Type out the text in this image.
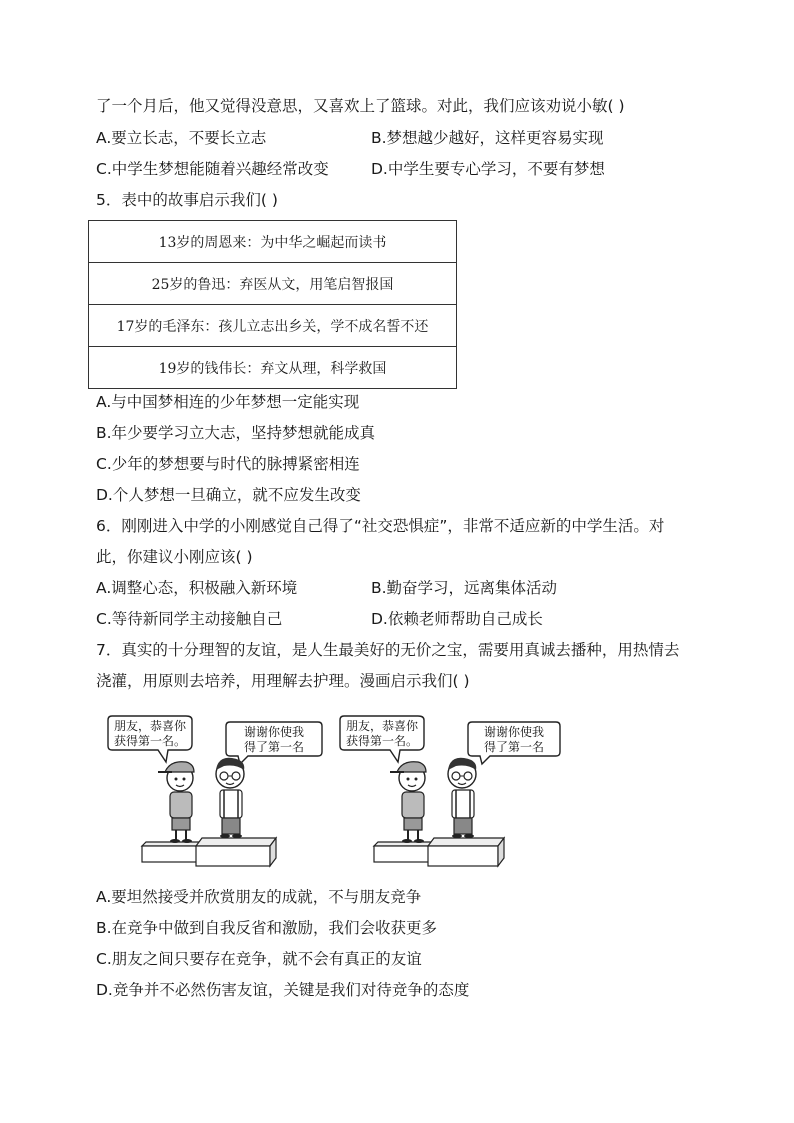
了一个月后，他又觉得没意思，又喜欢上了篮球。对此，我们应该劝说小敏( )
A.要立长志，不要长立志	B.梦想越少越好，这样更容易实现
C.中学生梦想能随着兴趣经常改变	D.中学生要专心学习，不要有梦想
5．表中的故事启示我们( )
13岁的周恩来：为中华之崛起而读书
25岁的鲁迅：弃医从文，用笔启智报国
17岁的毛泽东：孩儿立志出乡关，学不成名誓不还
19岁的钱伟长：弃文从理，科学救国
A.与中国梦相连的少年梦想一定能实现
B.年少要学习立大志，坚持梦想就能成真
C.少年的梦想要与时代的脉搏紧密相连
D.个人梦想一旦确立，就不应发生改变
6．刚刚进入中学的小刚感觉自己得了“社交恐惧症”，非常不适应新的中学生活。对
此，你建议小刚应该( )
A.调整心态，积极融入新环境	B.勤奋学习，远离集体活动
C.等待新同学主动接触自己	D.依赖老师帮助自己成长
7．真实的十分理智的友谊，是人生最美好的无价之宝，需要用真诚去播种，用热情去
浇灌，用原则去培养，用理解去护理。漫画启示我们( )
朋友，恭喜你
获得第一名。
谢谢你使我
得了第一名
朋友，恭喜你
获得第一名。
谢谢你使我
得了第一名
A.要坦然接受并欣赏朋友的成就，不与朋友竞争
B.在竞争中做到自我反省和激励，我们会收获更多
C.朋友之间只要存在竞争，就不会有真正的友谊
D.竞争并不必然伤害友谊，关键是我们对待竞争的态度
